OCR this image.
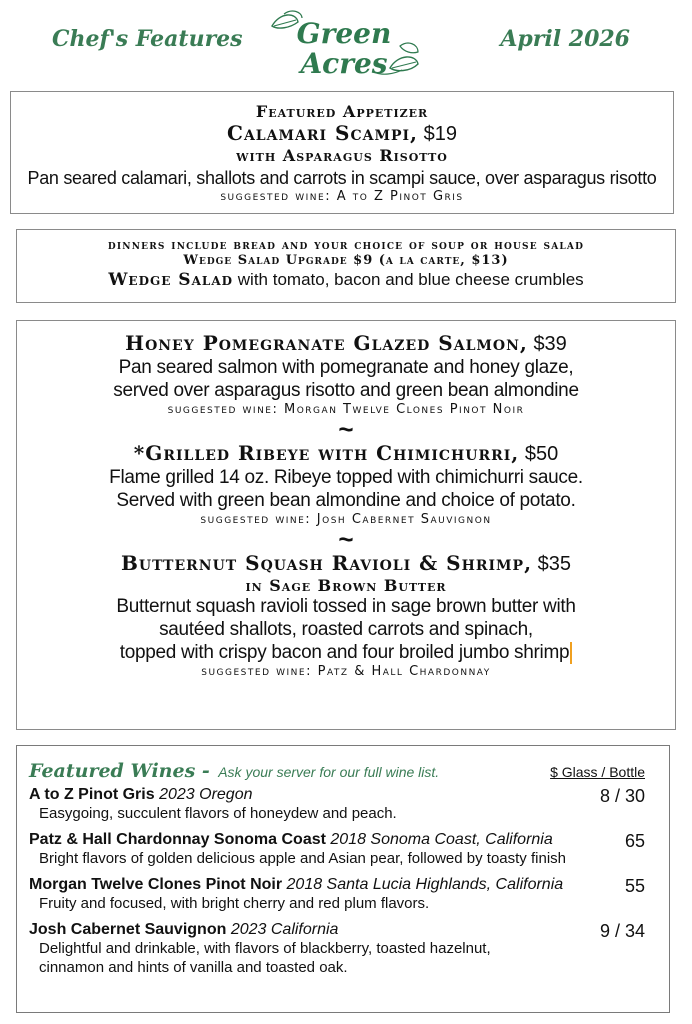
Chef's Features	Green
Acres
April 2026
Featured Appetizer
Calamari Scampi, $19
with Asparagus Risotto
Pan seared calamari, shallots and carrots in scampi sauce, over asparagus risotto
suggested wine: A to Z Pinot Gris
dinners include bread and your choice of soup or house salad
Wedge Salad Upgrade $9 (a la carte, $13)
Wedge Salad with tomato, bacon and blue cheese crumbles
Honey Pomegranate Glazed Salmon, $39
Pan seared salmon with pomegranate and honey glaze,
served over asparagus risotto and green bean almondine
suggested wine: Morgan Twelve Clones Pinot Noir
~
*Grilled Ribeye with Chimichurri, $50
Flame grilled 14 oz. Ribeye topped with chimichurri sauce.
Served with green bean almondine and choice of potato.
suggested wine: Josh Cabernet Sauvignon
~
Butternut Squash Ravioli & Shrimp, $35
in Sage Brown Butter
Butternut squash ravioli tossed in sage brown butter with
sautéed shallots, roasted carrots and spinach,
topped with crispy bacon and four broiled jumbo shrimp
suggested wine: Patz & Hall Chardonnay
Featured Wines - Ask your server for our full wine list.	$ Glass / Bottle
A to Z Pinot Gris 2023 Oregon	8 / 30
Easygoing, succulent flavors of honeydew and peach.
Patz & Hall Chardonnay Sonoma Coast 2018 Sonoma Coast, California	65
Bright flavors of golden delicious apple and Asian pear, followed by toasty finish
Morgan Twelve Clones Pinot Noir 2018 Santa Lucia Highlands, California	55
Fruity and focused, with bright cherry and red plum flavors.
Josh Cabernet Sauvignon 2023 California	9 / 34
Delightful and drinkable, with flavors of blackberry, toasted hazelnut,
cinnamon and hints of vanilla and toasted oak.
